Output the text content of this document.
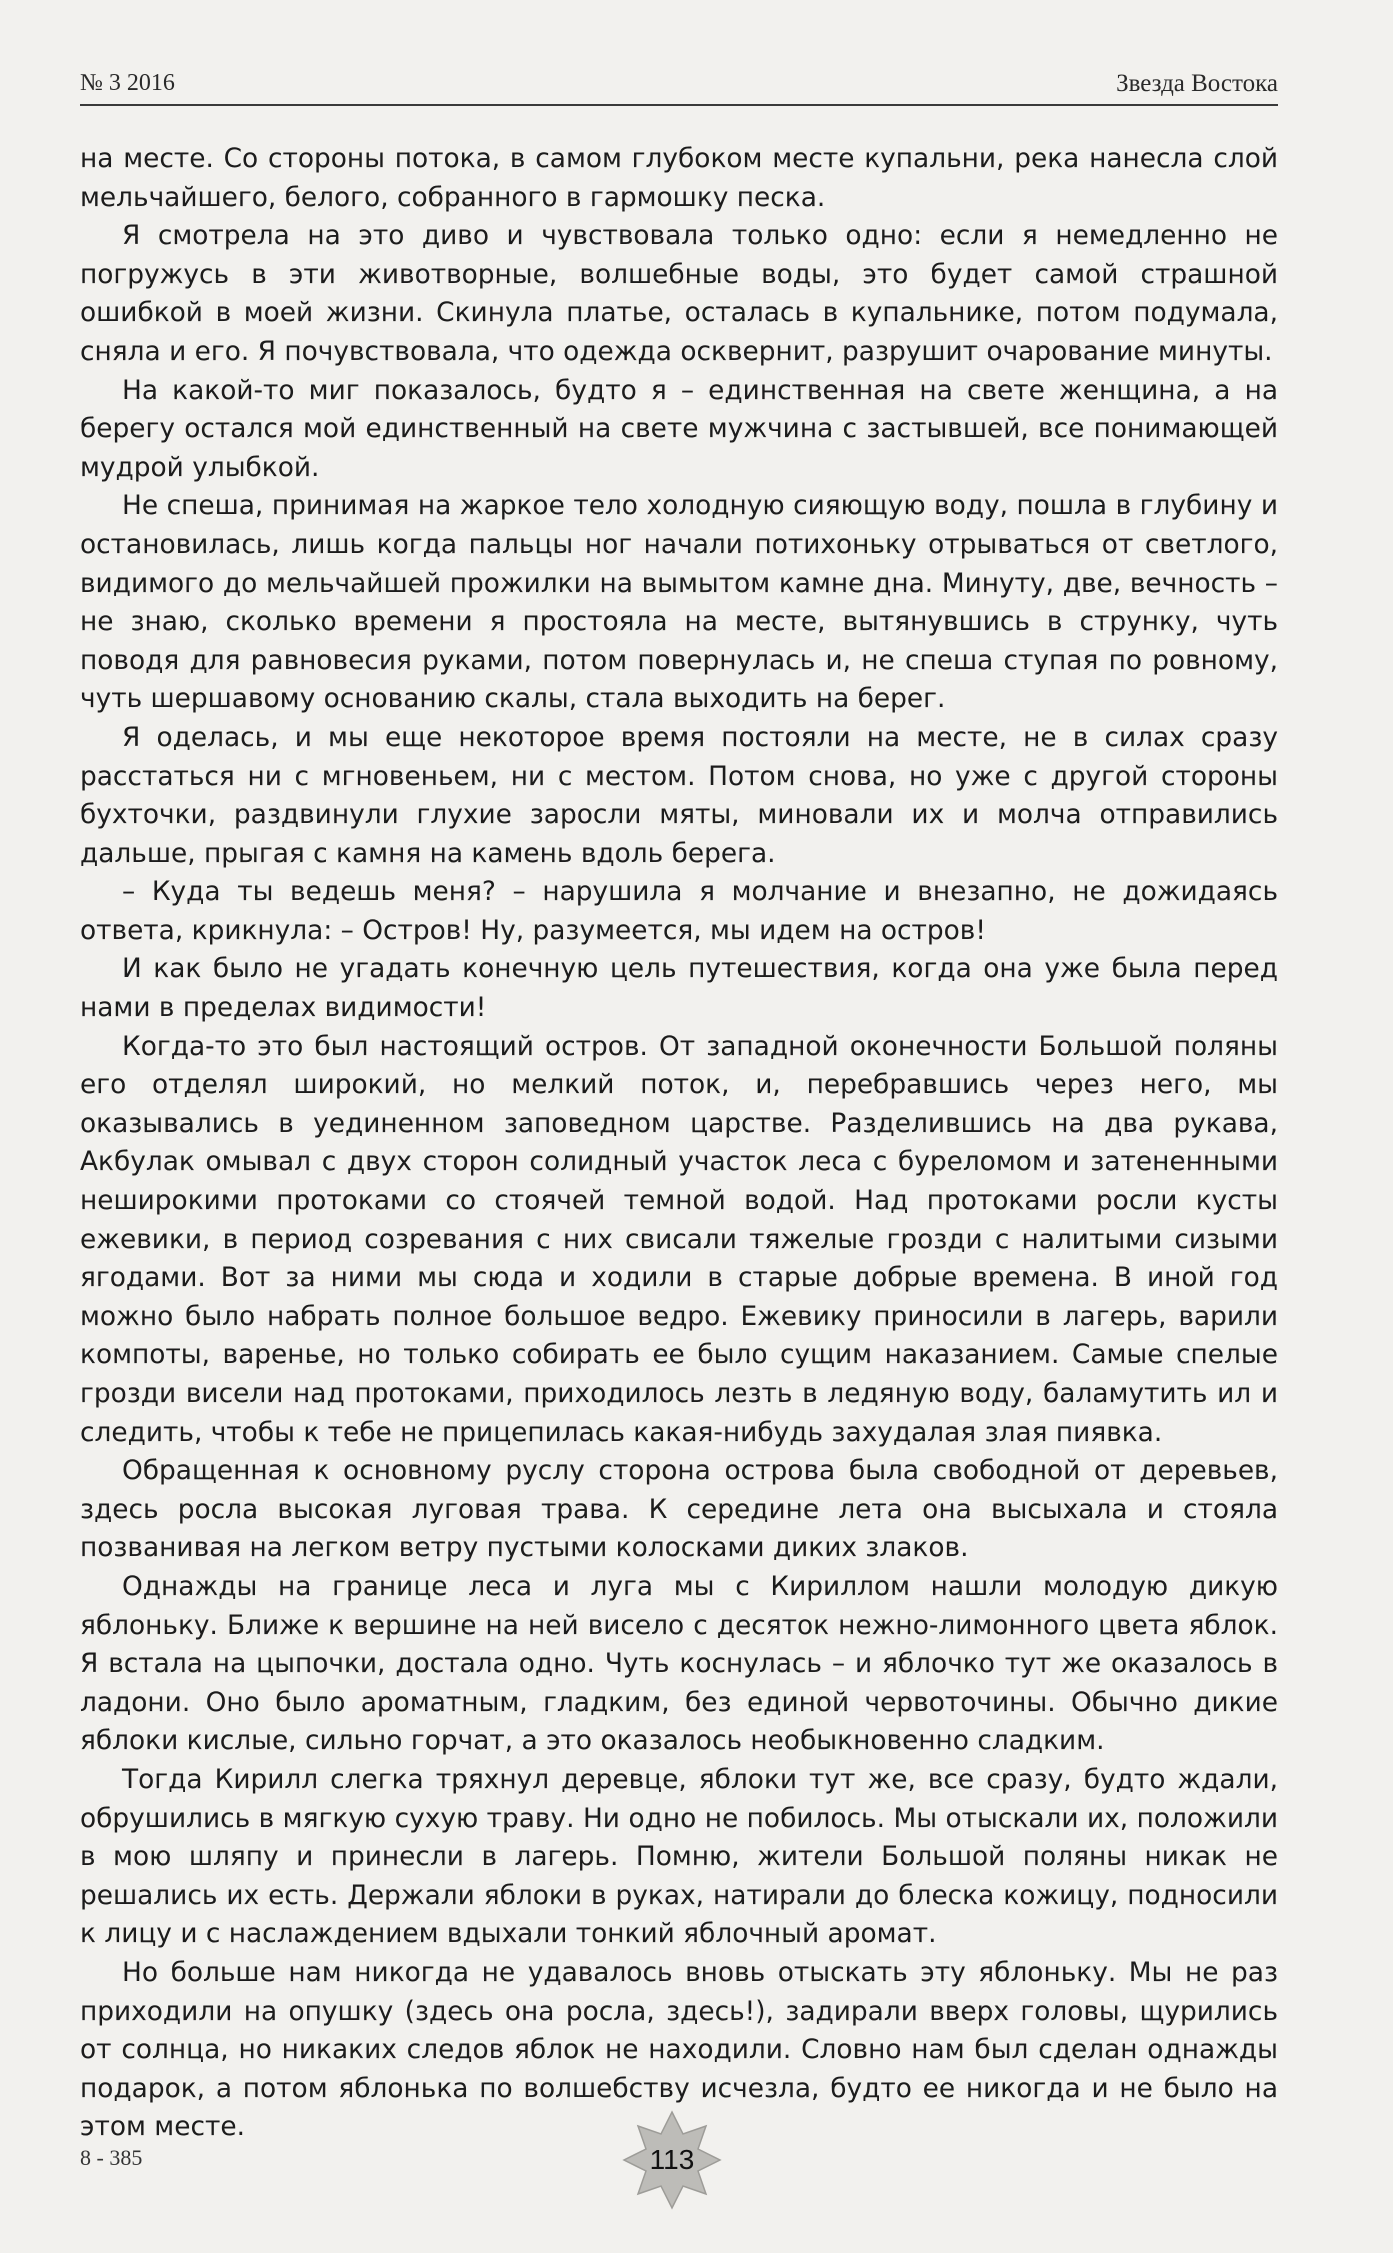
№ 3 2016	Звезда Востока

на месте. Со стороны потока, в самом глубоком месте купальни, река нанесла слой мельчайшего, белого, собранного в гармошку песка.

Я смотрела на это диво и чувствовала только одно: если я немедленно не погружусь в эти животворные, волшебные воды, это будет самой страшной ошибкой в моей жизни. Скинула платье, осталась в купальнике, потом подумала, сняла и его. Я почувствовала, что одежда осквернит, разрушит очарование минуты.

На какой-то миг показалось, будто я – единственная на свете женщина, а на берегу остался мой единственный на свете мужчина с застывшей, все понимающей мудрой улыбкой.

Не спеша, принимая на жаркое тело холодную сияющую воду, пошла в глубину и остановилась, лишь когда пальцы ног начали потихоньку отрываться от светлого, видимого до мельчайшей прожилки на вымытом камне дна. Минуту, две, вечность – не знаю, сколько времени я простояла на месте, вытянувшись в струнку, чуть поводя для равновесия руками, потом повернулась и, не спеша ступая по ровному, чуть шершавому основанию скалы, стала выходить на берег.

Я оделась, и мы еще некоторое время постояли на месте, не в силах сразу расстаться ни с мгновеньем, ни с местом. Потом снова, но уже с другой стороны бухточки, раздвинули глухие заросли мяты, миновали их и молча отправились дальше, прыгая с камня на камень вдоль берега.

– Куда ты ведешь меня? – нарушила я молчание и внезапно, не дожидаясь ответа, крикнула: – Остров! Ну, разумеется, мы идем на остров!

И как было не угадать конечную цель путешествия, когда она уже была перед нами в пределах видимости!

Когда-то это был настоящий остров. От западной оконечности Большой поляны его отделял широкий, но мелкий поток, и, перебравшись через него, мы оказывались в уединенном заповедном царстве. Разделившись на два рукава, Акбулак омывал с двух сторон солидный участок леса с буреломом и затененными неширокими протоками со стоячей темной водой. Над протоками росли кусты ежевики, в период созревания с них свисали тяжелые грозди с налитыми сизыми ягодами. Вот за ними мы сюда и ходили в старые добрые времена. В иной год можно было набрать полное большое ведро. Ежевику приносили в лагерь, варили компоты, варенье, но только собирать ее было сущим наказанием. Самые спелые грозди висели над протоками, приходилось лезть в ледяную воду, баламутить ил и следить, чтобы к тебе не прицепилась какая-нибудь захудалая злая пиявка.

Обращенная к основному руслу сторона острова была свободной от деревьев, здесь росла высокая луговая трава. К середине лета она высыхала и стояла позванивая на легком ветру пустыми колосками диких злаков.

Однажды на границе леса и луга мы с Кириллом нашли молодую дикую яблоньку. Ближе к вершине на ней висело с десяток нежно-лимонного цвета яблок. Я встала на цыпочки, достала одно. Чуть коснулась – и яблочко тут же оказалось в ладони. Оно было ароматным, гладким, без единой червоточины. Обычно дикие яблоки кислые, сильно горчат, а это оказалось необыкновенно сладким.

Тогда Кирилл слегка тряхнул деревце, яблоки тут же, все сразу, будто ждали, обрушились в мягкую сухую траву. Ни одно не побилось. Мы отыскали их, положили в мою шляпу и принесли в лагерь. Помню, жители Большой поляны никак не решались их есть. Держали яблоки в руках, натирали до блеска кожицу, подносили к лицу и с наслаждением вдыхали тонкий яблочный аромат.

Но больше нам никогда не удавалось вновь отыскать эту яблоньку. Мы не раз приходили на опушку (здесь она росла, здесь!), задирали вверх головы, щурились от солнца, но никаких следов яблок не находили. Словно нам был сделан однажды подарок, а потом яблонька по волшебству исчезла, будто ее никогда и не было на этом месте.

8 - 385	113
